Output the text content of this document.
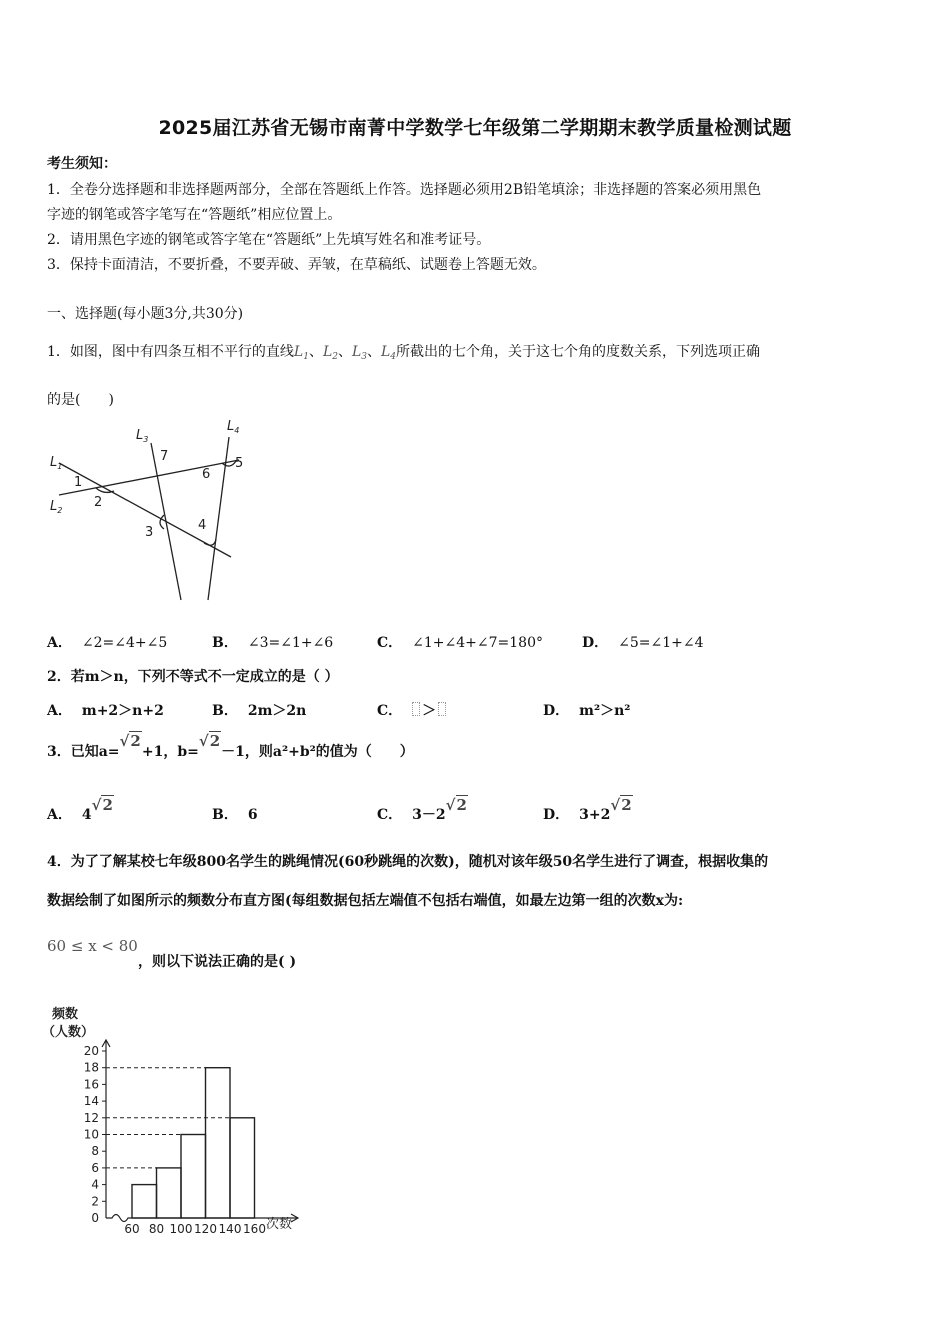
2025届江苏省无锡市南菁中学数学七年级第二学期期末教学质量检测试题
考生须知：
1．全卷分选择题和非选择题两部分，全部在答题纸上作答。选择题必须用2B铅笔填涂；非选择题的答案必须用黑色
字迹的钢笔或答字笔写在“答题纸”相应位置上。
2．请用黑色字迹的钢笔或答字笔在“答题纸”上先填写姓名和准考证号。
3．保持卡面清洁，不要折叠，不要弄破、弄皱，在草稿纸、试题卷上答题无效。
一、选择题(每小题3分,共30分)
1．如图，图中有四条互相不平行的直线$L_1$、$L_2$、$L_3$、$L_4$所截出的七个角，关于这七个角的度数关系，下列选项正确
的是(　　)
$L_1$
$L_2$
$L_3$
$L_4$
1
2
3	4
5
6
7
A． ∠2=∠4+∠5	B． ∠3=∠1+∠6	C． ∠1+∠4+∠7=180°	D． ∠5=∠1+∠4
2．若m＞n，下列不等式不一定成立的是（ ）
A． m+2＞n+2	B． 2m＞2n	C． ＞	D． m²＞n²
3．已知a=√2+1，b=√2－1，则a²+b²的值为（　　）
A． 4√2
B． 6	C． 3－2√2
D． 3+2√2
4．为了了解某校七年级800名学生的跳绳情况(60秒跳绳的次数)，随机对该年级50名学生进行了调查，根据收集的
数据绘制了如图所示的频数分布直方图(每组数据包括左端值不包括右端值，如最左边第一组的次数x为:
60 ≤ x < 80
，则以下说法正确的是( )
频数
（人数）
次数
0
2
4
6
8
10
12
14
16
18
20
60 80 100 120 140 160
